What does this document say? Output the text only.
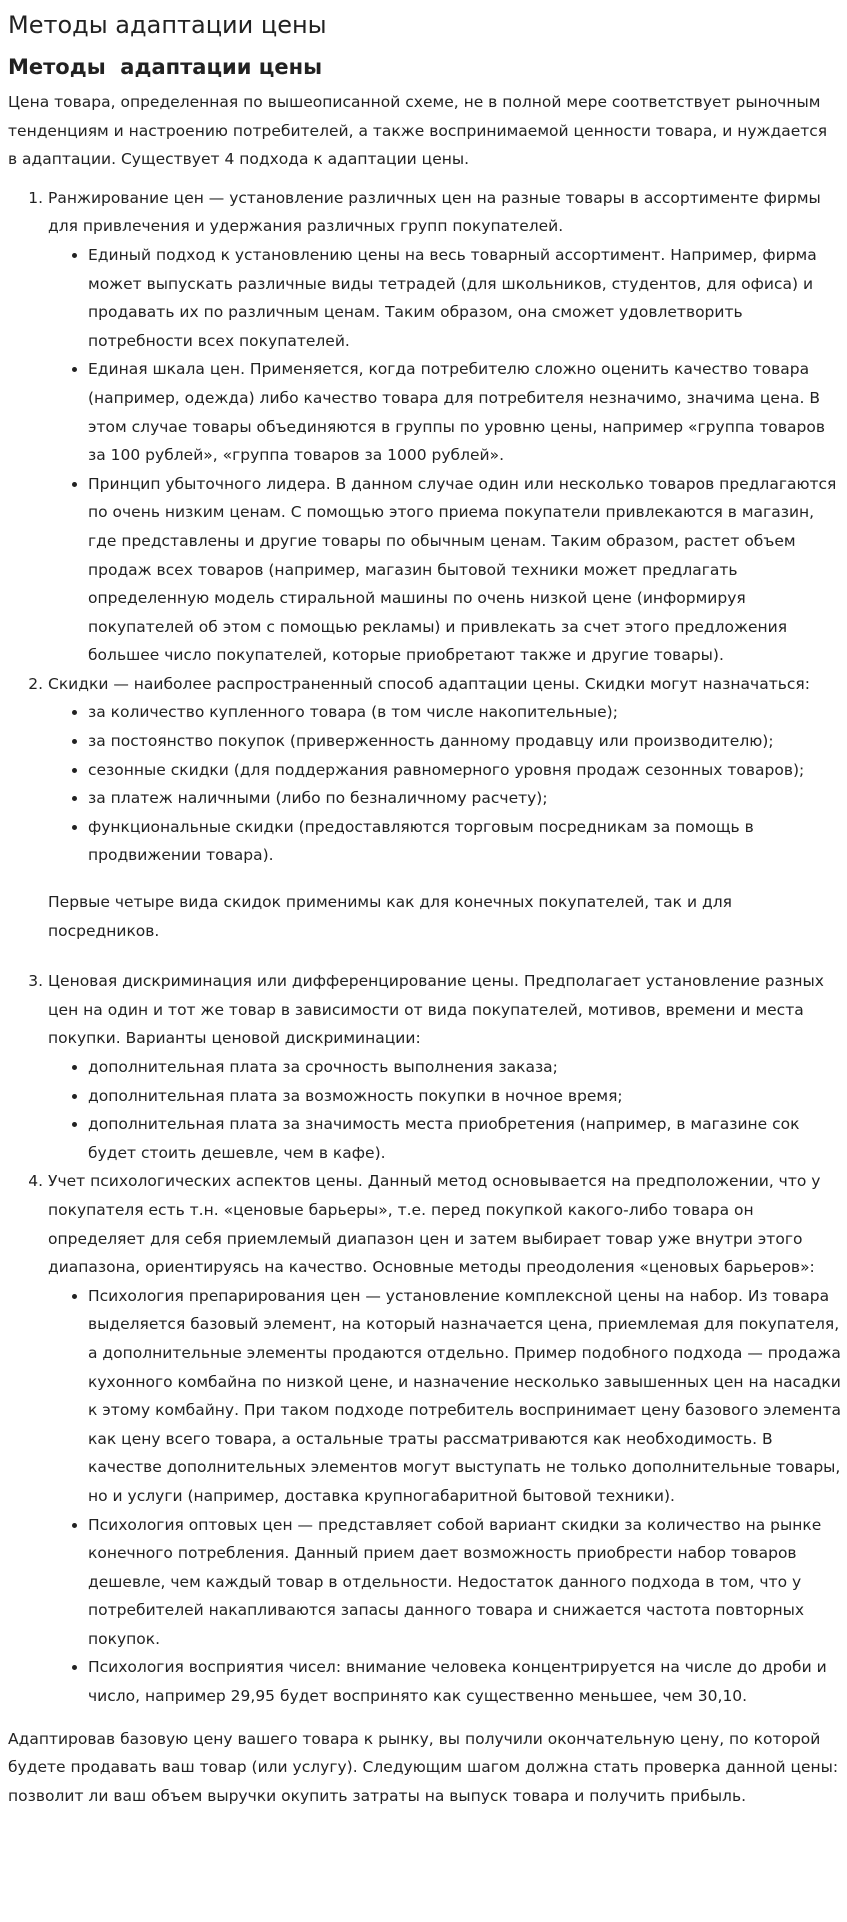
Методы адаптации цены
Методы  адаптации цены

Цена товара, определенная по вышеописанной схеме, не в полной мере соответствует рыночным тенденциям и настроению потребителей, а также воспринимаемой ценности товара, и нуждается в адаптации. Существует 4 подхода к адаптации цены.

1. Ранжирование цен — установление различных цен на разные товары в ассортименте фирмы для привлечения и удержания различных групп покупателей.
• Единый подход к установлению цены на весь товарный ассортимент. Например, фирма может выпускать различные виды тетрадей (для школьников, студентов, для офиса) и продавать их по различным ценам. Таким образом, она сможет удовлетворить потребности всех покупателей.
• Единая шкала цен. Применяется, когда потребителю сложно оценить качество товара (например, одежда) либо качество товара для потребителя незначимо, значима цена. В этом случае товары объединяются в группы по уровню цены, например «группа товаров за 100 рублей», «группа товаров за 1000 рублей».
• Принцип убыточного лидера. В данном случае один или несколько товаров предлагаются по очень низким ценам. С помощью этого приема покупатели привлекаются в магазин, где представлены и другие товары по обычным ценам. Таким образом, растет объем продаж всех товаров (например, магазин бытовой техники может предлагать определенную модель стиральной машины по очень низкой цене (информируя покупателей об этом с помощью рекламы) и привлекать за счет этого предложения большее число покупателей, которые приобретают также и другие товары).
2. Скидки — наиболее распространенный способ адаптации цены. Скидки могут назначаться:
• за количество купленного товара (в том числе накопительные);
• за постоянство покупок (приверженность данному продавцу или производителю);
• сезонные скидки (для поддержания равномерного уровня продаж сезонных товаров);
• за платеж наличными (либо по безналичному расчету);
• функциональные скидки (предоставляются торговым посредникам за помощь в продвижении товара).

Первые четыре вида скидок применимы как для конечных покупателей, так и для посредников.

3. Ценовая дискриминация или дифференцирование цены. Предполагает установление разных цен на один и тот же товар в зависимости от вида покупателей, мотивов, времени и места покупки. Варианты ценовой дискриминации:
• дополнительная плата за срочность выполнения заказа;
• дополнительная плата за возможность покупки в ночное время;
• дополнительная плата за значимость места приобретения (например, в магазине сок будет стоить дешевле, чем в кафе).
4. Учет психологических аспектов цены. Данный метод основывается на предположении, что у покупателя есть т.н. «ценовые барьеры», т.е. перед покупкой какого-либо товара он определяет для себя приемлемый диапазон цен и затем выбирает товар уже внутри этого диапазона, ориентируясь на качество. Основные методы преодоления «ценовых барьеров»:
• Психология препарирования цен — установление комплексной цены на набор. Из товара выделяется базовый элемент, на который назначается цена, приемлемая для покупателя, а дополнительные элементы продаются отдельно. Пример подобного подхода — продажа кухонного комбайна по низкой цене, и назначение несколько завышенных цен на насадки к этому комбайну. При таком подходе потребитель воспринимает цену базового элемента как цену всего товара, а остальные траты рассматриваются как необходимость. В качестве дополнительных элементов могут выступать не только дополнительные товары, но и услуги (например, доставка крупногабаритной бытовой техники).
• Психология оптовых цен — представляет собой вариант скидки за количество на рынке конечного потребления. Данный прием дает возможность приобрести набор товаров дешевле, чем каждый товар в отдельности. Недостаток данного подхода в том, что у потребителей накапливаются запасы данного товара и снижается частота повторных покупок.
• Психология восприятия чисел: внимание человека концентрируется на числе до дроби и число, например 29,95 будет воспринято как существенно меньшее, чем 30,10.

Адаптировав базовую цену вашего товара к рынку, вы получили окончательную цену, по которой будете продавать ваш товар (или услугу). Следующим шагом должна стать проверка данной цены: позволит ли ваш объем выручки окупить затраты на выпуск товара и получить прибыль.
